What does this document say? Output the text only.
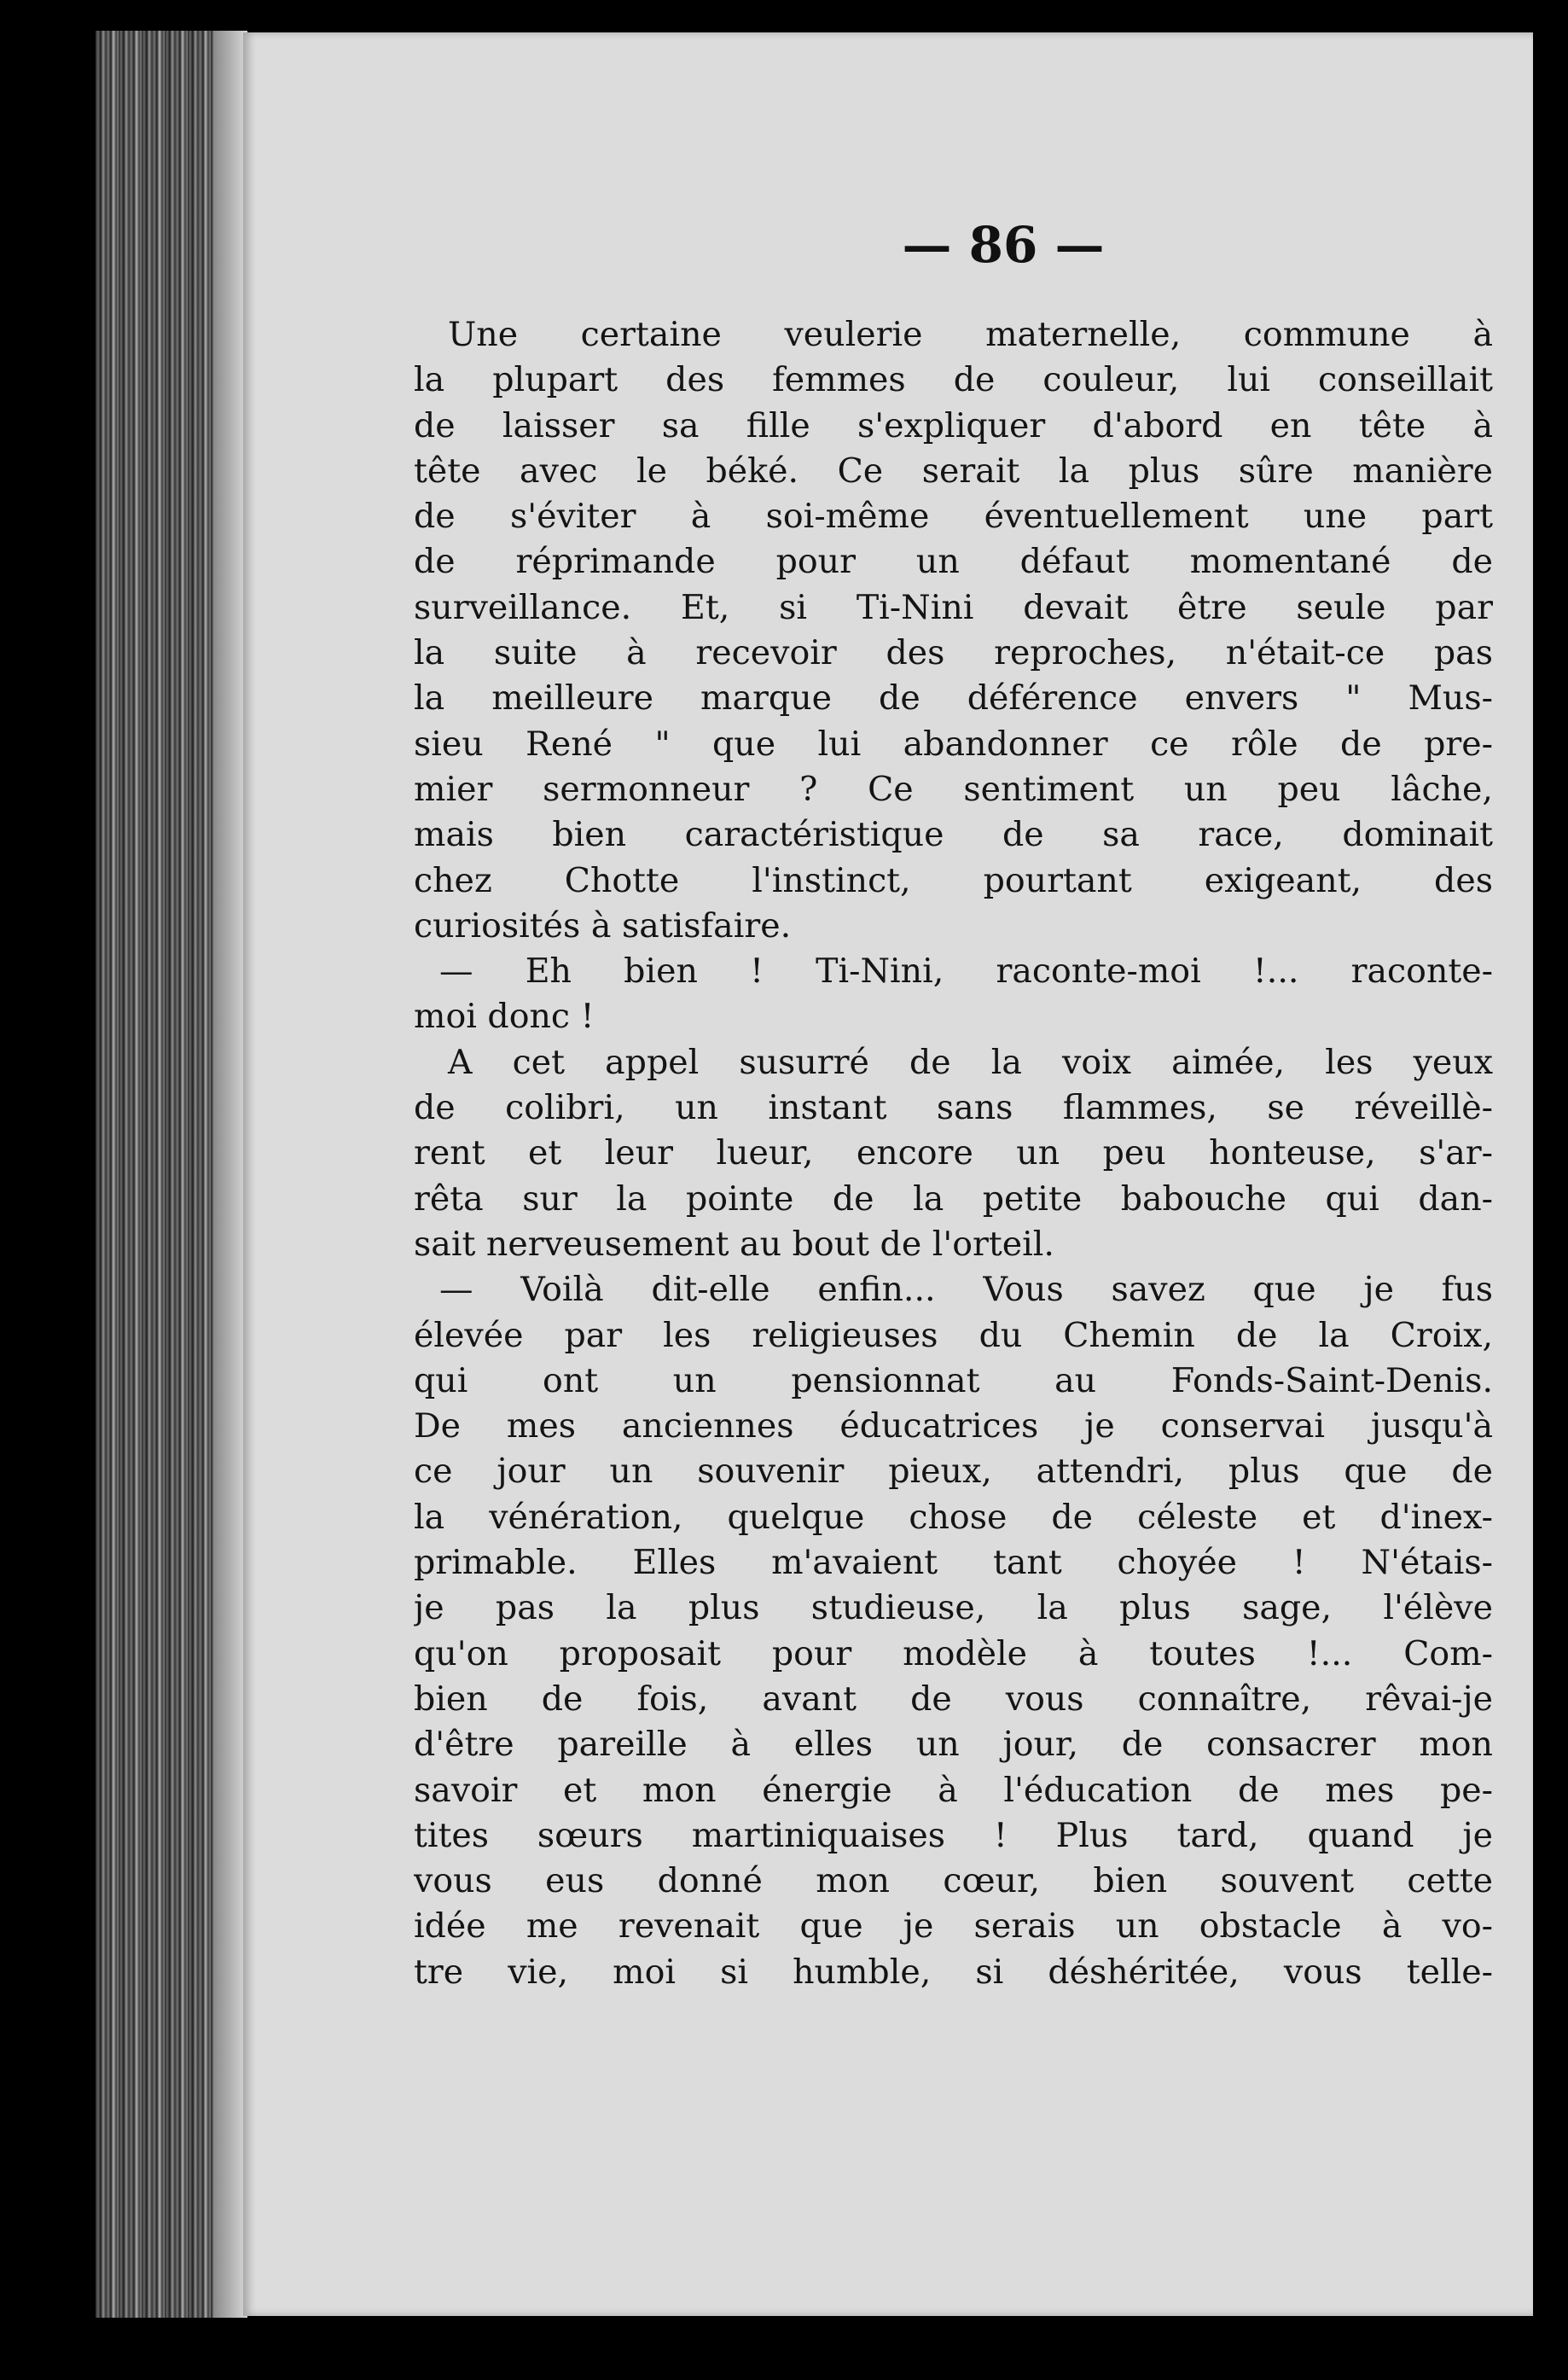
— 86 —
Une certaine veulerie maternelle, commune à
la plupart des femmes de couleur, lui conseillait
de laisser sa fille s'expliquer d'abord en tête à
tête avec le béké. Ce serait la plus sûre manière
de s'éviter à soi-même éventuellement une part
de réprimande pour un défaut momentané de
surveillance. Et, si Ti-Nini devait être seule par
la suite à recevoir des reproches, n'était-ce pas
la meilleure marque de déférence envers " Mus-
sieu René " que lui abandonner ce rôle de pre-
mier sermonneur ? Ce sentiment un peu lâche,
mais bien caractéristique de sa race, dominait
chez Chotte l'instinct, pourtant exigeant, des
curiosités à satisfaire.
— Eh bien ! Ti-Nini, raconte-moi !... raconte-
moi donc !
A cet appel susurré de la voix aimée, les yeux
de colibri, un instant sans flammes, se réveillè-
rent et leur lueur, encore un peu honteuse, s'ar-
rêta sur la pointe de la petite babouche qui dan-
sait nerveusement au bout de l'orteil.
— Voilà dit-elle enfin... Vous savez que je fus
élevée par les religieuses du Chemin de la Croix,
qui ont un pensionnat au Fonds-Saint-Denis.
De mes anciennes éducatrices je conservai jusqu'à
ce jour un souvenir pieux, attendri, plus que de
la vénération, quelque chose de céleste et d'inex-
primable. Elles m'avaient tant choyée ! N'étais-
je pas la plus studieuse, la plus sage, l'élève
qu'on proposait pour modèle à toutes !... Com-
bien de fois, avant de vous connaître, rêvai-je
d'être pareille à elles un jour, de consacrer mon
savoir et mon énergie à l'éducation de mes pe-
tites sœurs martiniquaises ! Plus tard, quand je
vous eus donné mon cœur, bien souvent cette
idée me revenait que je serais un obstacle à vo-
tre vie, moi si humble, si déshéritée, vous telle-
